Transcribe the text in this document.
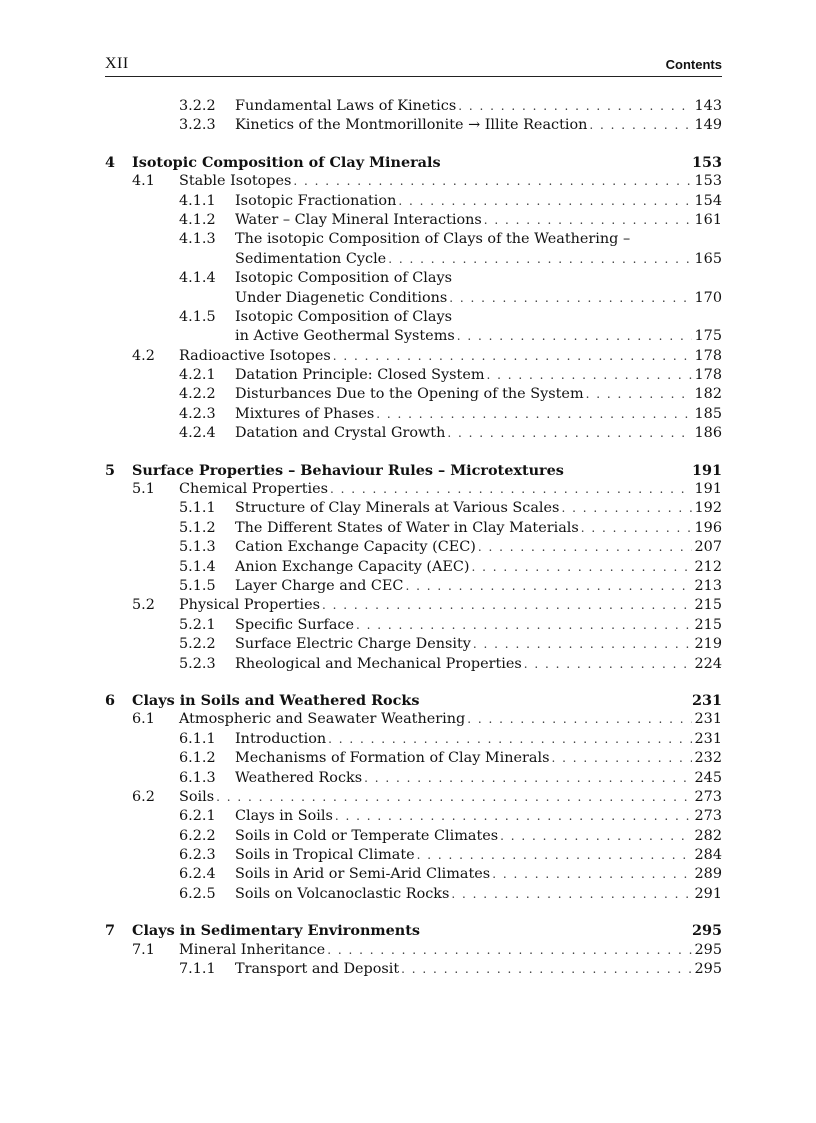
XII	Contents
3.2.2 Fundamental Laws of Kinetics . . .	143
3.2.3 Kinetics of the Montmorillonite → Illite Reaction . . .	149
4 Isotopic Composition of Clay Minerals	153
4.1 Stable Isotopes . . .	153
4.1.1 Isotopic Fractionation . . .	154
4.1.2 Water – Clay Mineral Interactions . . .	161
4.1.3 The isotopic Composition of Clays of the Weathering –
Sedimentation Cycle . . .	165
4.1.4 Isotopic Composition of Clays
Under Diagenetic Conditions . . .	170
4.1.5 Isotopic Composition of Clays
in Active Geothermal Systems . . .	175
4.2 Radioactive Isotopes . . .	178
4.2.1 Datation Principle: Closed System . . .	178
4.2.2 Disturbances Due to the Opening of the System . . .	182
4.2.3 Mixtures of Phases . . .	185
4.2.4 Datation and Crystal Growth . . .	186
5 Surface Properties – Behaviour Rules – Microtextures	191
5.1 Chemical Properties . . .	191
5.1.1 Structure of Clay Minerals at Various Scales . . .	192
5.1.2 The Different States of Water in Clay Materials . . .	196
5.1.3 Cation Exchange Capacity (CEC) . . .	207
5.1.4 Anion Exchange Capacity (AEC) . . .	212
5.1.5 Layer Charge and CEC . . .	213
5.2 Physical Properties . . .	215
5.2.1 Specific Surface . . .	215
5.2.2 Surface Electric Charge Density . . .	219
5.2.3 Rheological and Mechanical Properties . . .	224
6 Clays in Soils and Weathered Rocks	231
6.1 Atmospheric and Seawater Weathering . . .	231
6.1.1 Introduction . . .	231
6.1.2 Mechanisms of Formation of Clay Minerals . . .	232
6.1.3 Weathered Rocks . . .	245
6.2 Soils . . .	273
6.2.1 Clays in Soils . . .	273
6.2.2 Soils in Cold or Temperate Climates . . .	282
6.2.3 Soils in Tropical Climate . . .	284
6.2.4 Soils in Arid or Semi-Arid Climates . . .	289
6.2.5 Soils on Volcanoclastic Rocks . . .	291
7 Clays in Sedimentary Environments	295
7.1 Mineral Inheritance . . .	295
7.1.1 Transport and Deposit . . .	295
